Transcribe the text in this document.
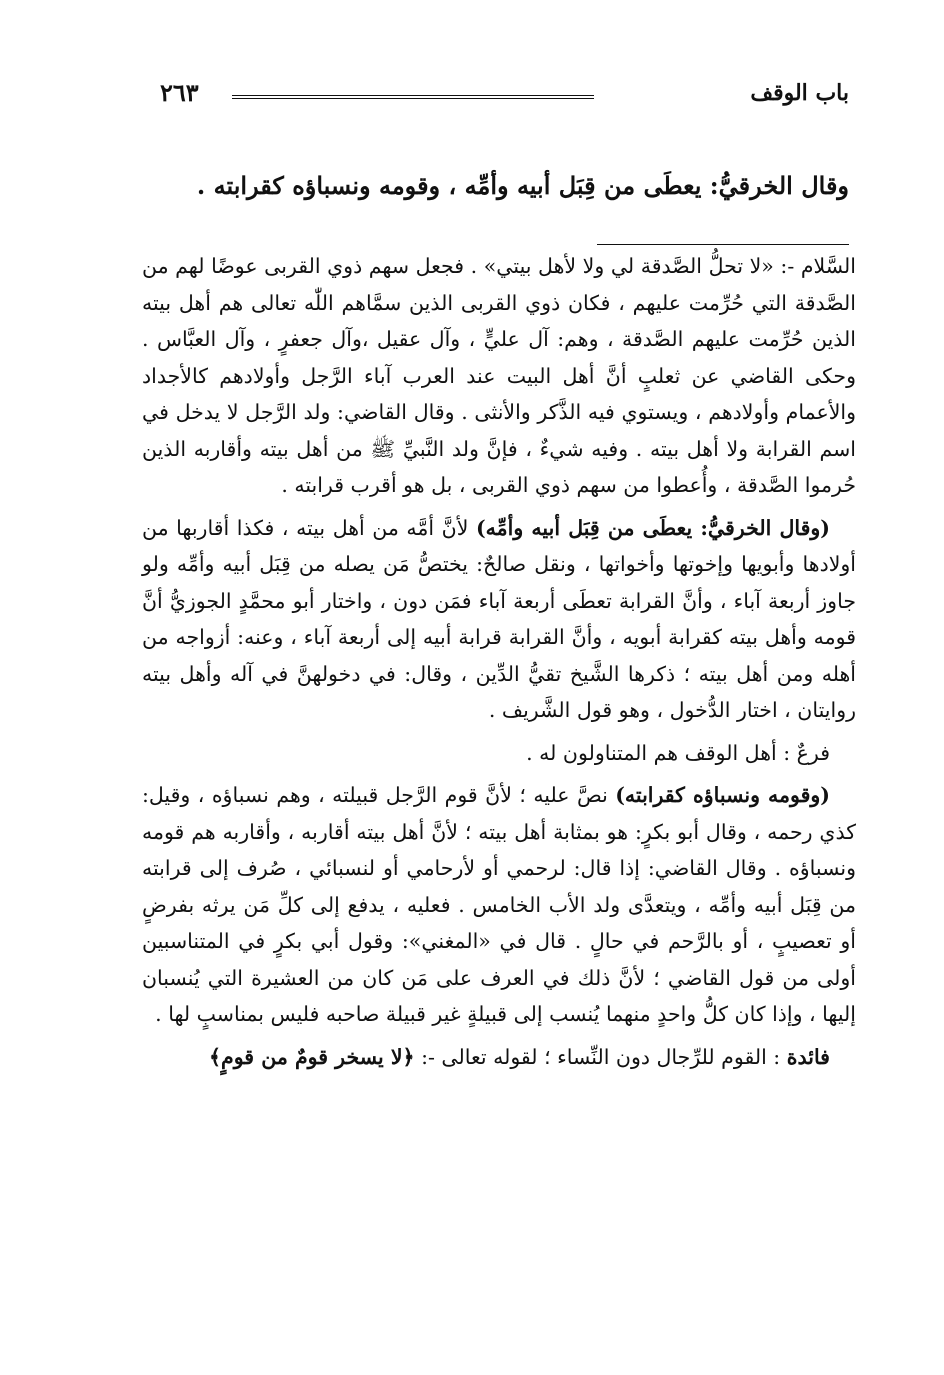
باب الوقف
٢٦٣
وقال الخرقيُّ: يعطَى من قِبَل أبيه وأمِّه ، وقومه ونسباؤه كقرابته .

السَّلام -: «لا تحلُّ الصَّدقة لي ولا لأهل بيتي» . فجعل سهم ذوي القربى عوضًا لهم من الصَّدقة التي حُرِّمت عليهم ، فكان ذوي القربى الذين سمَّاهم اللّٰه تعالى هم أهل بيته الذين حُرِّمت عليهم الصَّدقة ، وهم: آل عليٍّ ، وآل عقيل ،وآل جعفرٍ ، وآل العبَّاس . وحكى القاضي عن ثعلبٍ أنَّ أهل البيت عند العرب آباء الرَّجل وأولادهم كالأجداد والأعمام وأولادهم ، ويستوي فيه الذَّكر والأنثى . وقال القاضي: ولد الرَّجل لا يدخل في اسم القرابة ولا أهل بيته . وفيه شيءٌ ، فإنَّ ولد النَّبيِّ ﷺ من أهل بيته وأقاربه الذين حُرموا الصَّدقة ، وأُعطوا من سهم ذوي القربى ، بل هو أقرب قرابته .

(وقال الخرقيُّ: يعطَى من قِبَل أبيه وأمِّه) لأنَّ أمَّه من أهل بيته ، فكذا أقاربها من أولادها وأبويها وإخوتها وأخواتها ، ونقل صالحٌ: يختصُّ مَن يصله من قِبَل أبيه وأمِّه ولو جاوز أربعة آباء ، وأنَّ القرابة تعطَى أربعة آباء فمَن دون ، واختار أبو محمَّدٍ الجوزيُّ أنَّ قومه وأهل بيته كقرابة أبويه ، وأنَّ القرابة قرابة أبيه إلى أربعة آباء ، وعنه: أزواجه من أهله ومن أهل بيته ؛ ذكرها الشَّيخ تقيُّ الدِّين ، وقال: في دخولهنَّ في آله وأهل بيته روايتان ، اختار الدُّخول ، وهو قول الشَّريف .

فرعٌ : أهل الوقف هم المتناولون له .

(وقومه ونسباؤه كقرابته) نصَّ عليه ؛ لأنَّ قوم الرَّجل قبيلته ، وهم نسباؤه ، وقيل: كذي رحمه ، وقال أبو بكرٍ: هو بمثابة أهل بيته ؛ لأنَّ أهل بيته أقاربه ، وأقاربه هم قومه ونسباؤه . وقال القاضي: إذا قال: لرحمي أو لأرحامي أو لنسبائي ، صُرف إلى قرابته من قِبَل أبيه وأمِّه ، ويتعدَّى ولد الأب الخامس . فعليه ، يدفع إلى كلِّ مَن يرثه بفرضٍ أو تعصيبٍ ، أو بالرَّحم في حالٍ . قال في «المغني»: وقول أبي بكرٍ في المتناسبين أولى من قول القاضي ؛ لأنَّ ذلك في العرف على مَن كان من العشيرة التي يُنسبان إليها ، وإذا كان كلُّ واحدٍ منهما يُنسب إلى قبيلةٍ غير قبيلة صاحبه فليس بمناسبٍ لها .

فائدة : القوم للرِّجال دون النِّساء ؛ لقوله تعالى -: ﴿لا يسخر قومٌ من قومٍ﴾
